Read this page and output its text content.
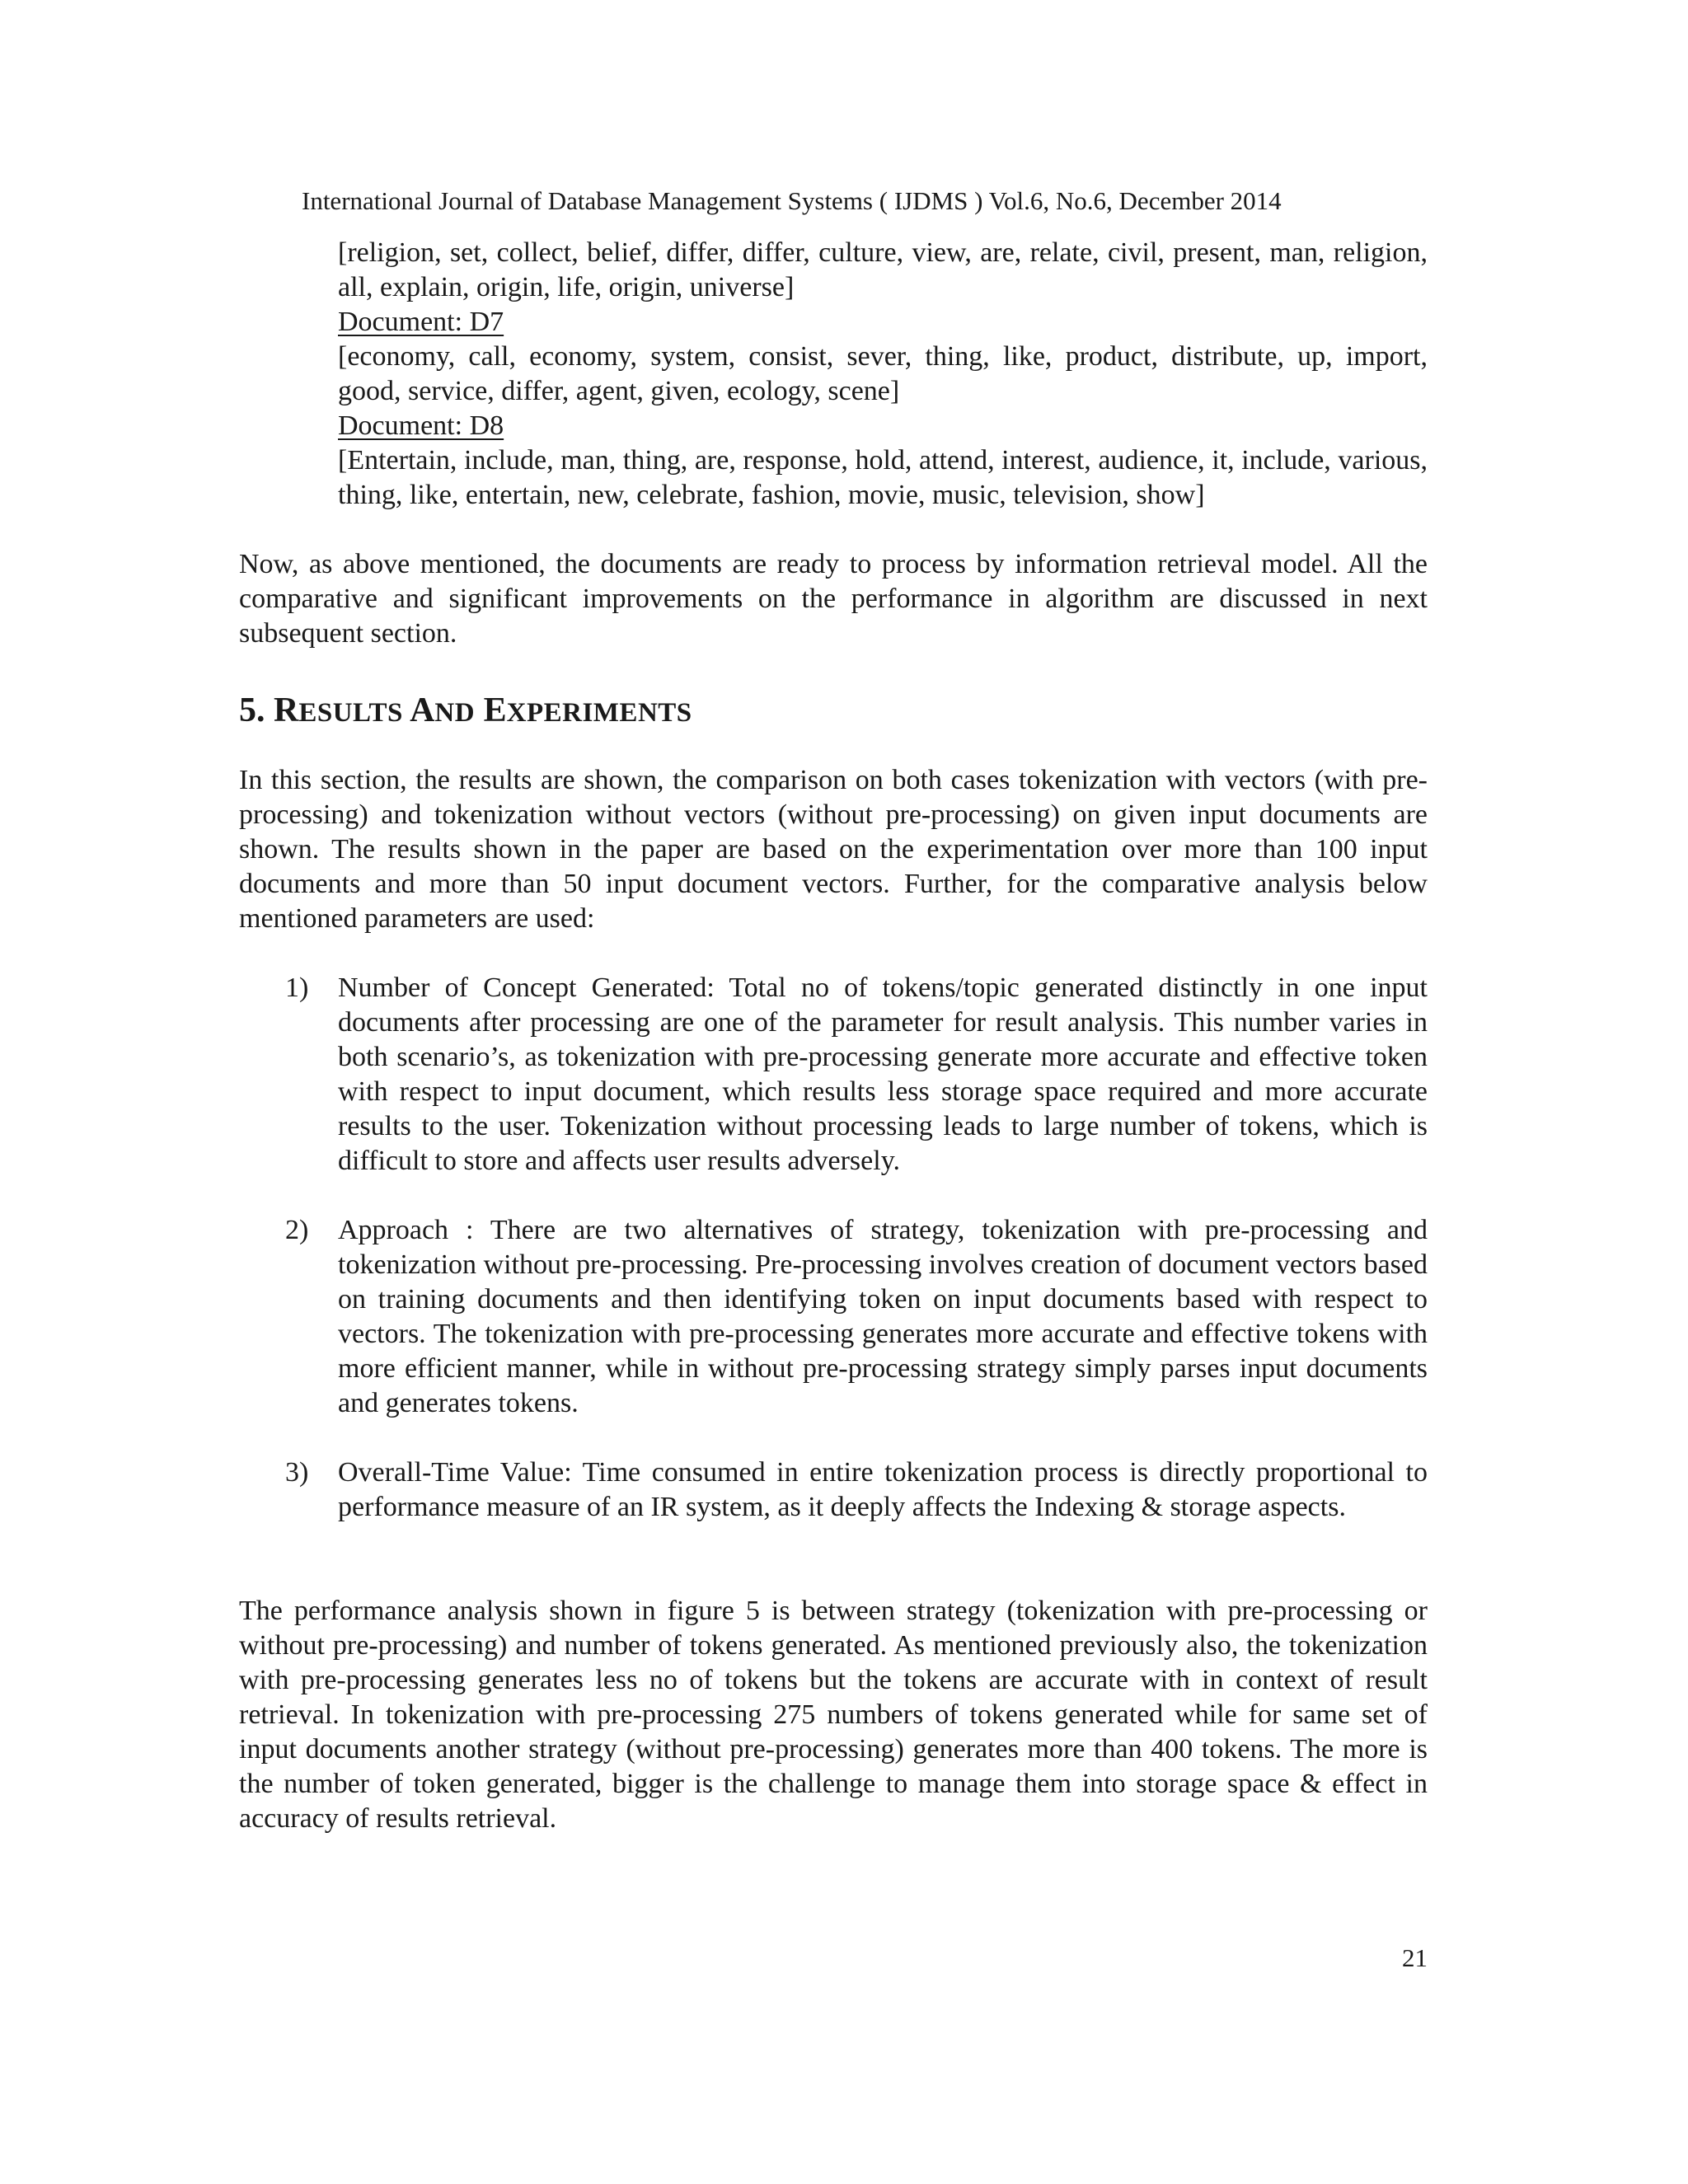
International Journal of Database Management Systems ( IJDMS ) Vol.6, No.6, December 2014

[religion, set, collect, belief, differ, differ, culture, view, are, relate, civil, present, man, religion, all, explain, origin, life, origin, universe]

Document: D7

[economy, call, economy, system, consist, sever, thing, like, product, distribute, up, import, good, service, differ, agent, given, ecology, scene]

Document: D8

[Entertain, include, man, thing, are, response, hold, attend, interest, audience, it, include, various, thing, like, entertain, new, celebrate, fashion, movie, music, television, show]

Now, as above mentioned, the documents are ready to process by information retrieval model. All the comparative and significant improvements on the performance in algorithm are discussed in next subsequent section.

5. RESULTS AND EXPERIMENTS

In this section, the results are shown, the comparison on both cases tokenization with vectors (with pre-processing) and tokenization without vectors (without pre-processing) on given input documents are shown. The results shown in the paper are based on the experimentation over more than 100 input documents and more than 50 input document vectors. Further, for the comparative analysis below mentioned parameters are used:

1) Number of Concept Generated: Total no of tokens/topic generated distinctly in one input documents after processing are one of the parameter for result analysis. This number varies in both scenario’s, as tokenization with pre-processing generate more accurate and effective token with respect to input document, which results less storage space required and more accurate results to the user. Tokenization without processing leads to large number of tokens, which is difficult to store and affects user results adversely.
2) Approach : There are two alternatives of strategy, tokenization with pre-processing and tokenization without pre-processing. Pre-processing involves creation of document vectors based on training documents and then identifying token on input documents based with respect to vectors. The tokenization with pre-processing generates more accurate and effective tokens with more efficient manner, while in without pre-processing strategy simply parses input documents and generates tokens.
3) Overall-Time Value: Time consumed in entire tokenization process is directly proportional to performance measure of an IR system, as it deeply affects the Indexing & storage aspects.

The performance analysis shown in figure 5 is between strategy (tokenization with pre-processing or without pre-processing) and number of tokens generated. As mentioned previously also, the tokenization with pre-processing generates less no of tokens but the tokens are accurate with in context of result retrieval. In tokenization with pre-processing 275 numbers of tokens generated while for same set of input documents another strategy (without pre-processing) generates more than 400 tokens. The more is the number of token generated, bigger is the challenge to manage them into storage space & effect in accuracy of results retrieval.

21
